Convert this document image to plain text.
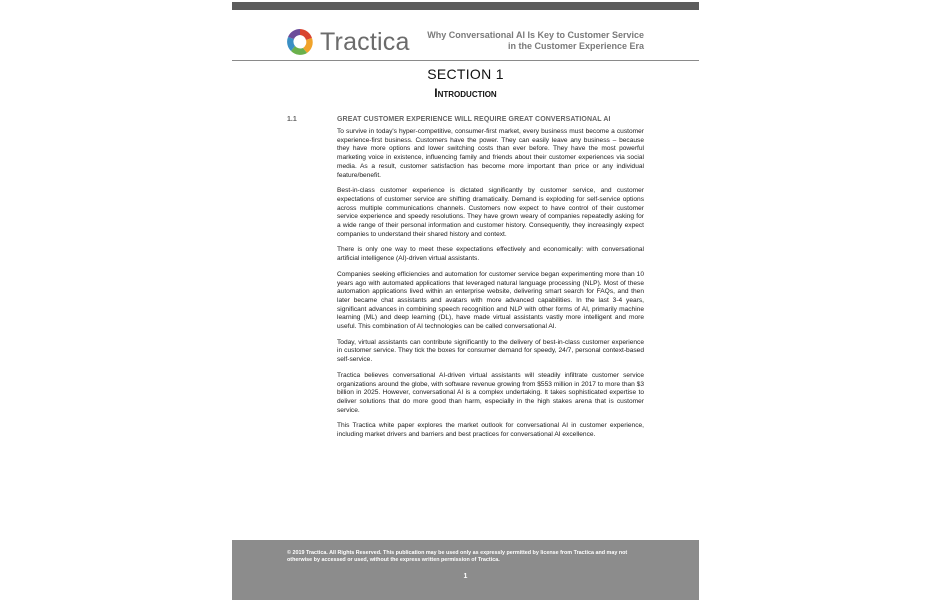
Tractica	Why Conversational AI Is Key to Customer Service
in the Customer Experience Era
SECTION 1
Introduction
1.1	GREAT CUSTOMER EXPERIENCE WILL REQUIRE GREAT CONVERSATIONAL AI

To survive in today's hyper-competitive, consumer-first market, every business must become a customer experience-first business. Customers have the power. They can easily leave any business – because they have more options and lower switching costs than ever before. They have the most powerful marketing voice in existence, influencing family and friends about their customer experiences via social media. As a result, customer satisfaction has become more important than price or any individual feature/benefit.

Best-in-class customer experience is dictated significantly by customer service, and customer expectations of customer service are shifting dramatically. Demand is exploding for self-service options across multiple communications channels. Customers now expect to have control of their customer service experience and speedy resolutions. They have grown weary of companies repeatedly asking for a wide range of their personal information and customer history. Consequently, they increasingly expect companies to understand their shared history and context.

There is only one way to meet these expectations effectively and economically: with conversational artificial intelligence (AI)-driven virtual assistants.

Companies seeking efficiencies and automation for customer service began experimenting more than 10 years ago with automated applications that leveraged natural language processing (NLP). Most of these automation applications lived within an enterprise website, delivering smart search for FAQs, and then later became chat assistants and avatars with more advanced capabilities. In the last 3-4 years, significant advances in combining speech recognition and NLP with other forms of AI, primarily machine learning (ML) and deep learning (DL), have made virtual assistants vastly more intelligent and more useful. This combination of AI technologies can be called conversational AI.

Today, virtual assistants can contribute significantly to the delivery of best-in-class customer experience in customer service. They tick the boxes for consumer demand for speedy, 24/7, personal context-based self-service.

Tractica believes conversational AI-driven virtual assistants will steadily infiltrate customer service organizations around the globe, with software revenue growing from $553 million in 2017 to more than $3 billion in 2025. However, conversational AI is a complex undertaking. It takes sophisticated expertise to deliver solutions that do more good than harm, especially in the high stakes arena that is customer service.

This Tractica white paper explores the market outlook for conversational AI in customer experience, including market drivers and barriers and best practices for conversational AI excellence.

© 2019 Tractica. All Rights Reserved. This publication may be used only as expressly permitted by license from Tractica and may not otherwise by accessed or used, without the express written permission of Tractica.
1
